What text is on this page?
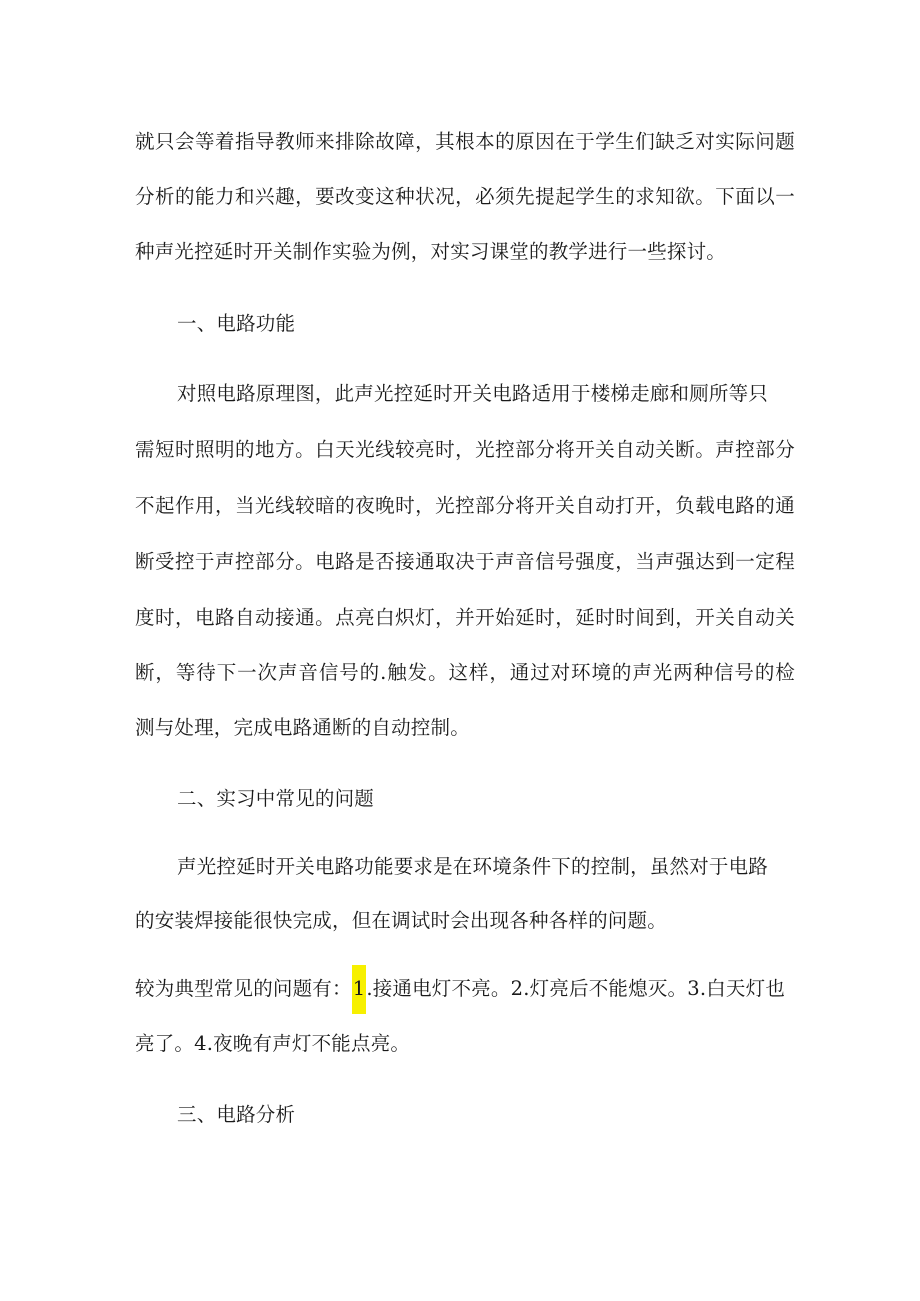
就只会等着指导教师来排除故障，其根本的原因在于学生们缺乏对实际问题
分析的能力和兴趣，要改变这种状况，必须先提起学生的求知欲。下面以一
种声光控延时开关制作实验为例，对实习课堂的教学进行一些探讨。
一、电路功能
对照电路原理图，此声光控延时开关电路适用于楼梯走廊和厕所等只
需短时照明的地方。白天光线较亮时，光控部分将开关自动关断。声控部分
不起作用，当光线较暗的夜晚时，光控部分将开关自动打开，负载电路的通
断受控于声控部分。电路是否接通取决于声音信号强度，当声强达到一定程
度时，电路自动接通。点亮白炽灯，并开始延时，延时时间到，开关自动关
断，等待下一次声音信号的.触发。这样，通过对环境的声光两种信号的检
测与处理，完成电路通断的自动控制。
二、实习中常见的问题
声光控延时开关电路功能要求是在环境条件下的控制，虽然对于电路
的安装焊接能很快完成，但在调试时会出现各种各样的问题。
较为典型常见的问题有：1.接通电灯不亮。2.灯亮后不能熄灭。3.白天灯也
亮了。4.夜晚有声灯不能点亮。
三、电路分析
